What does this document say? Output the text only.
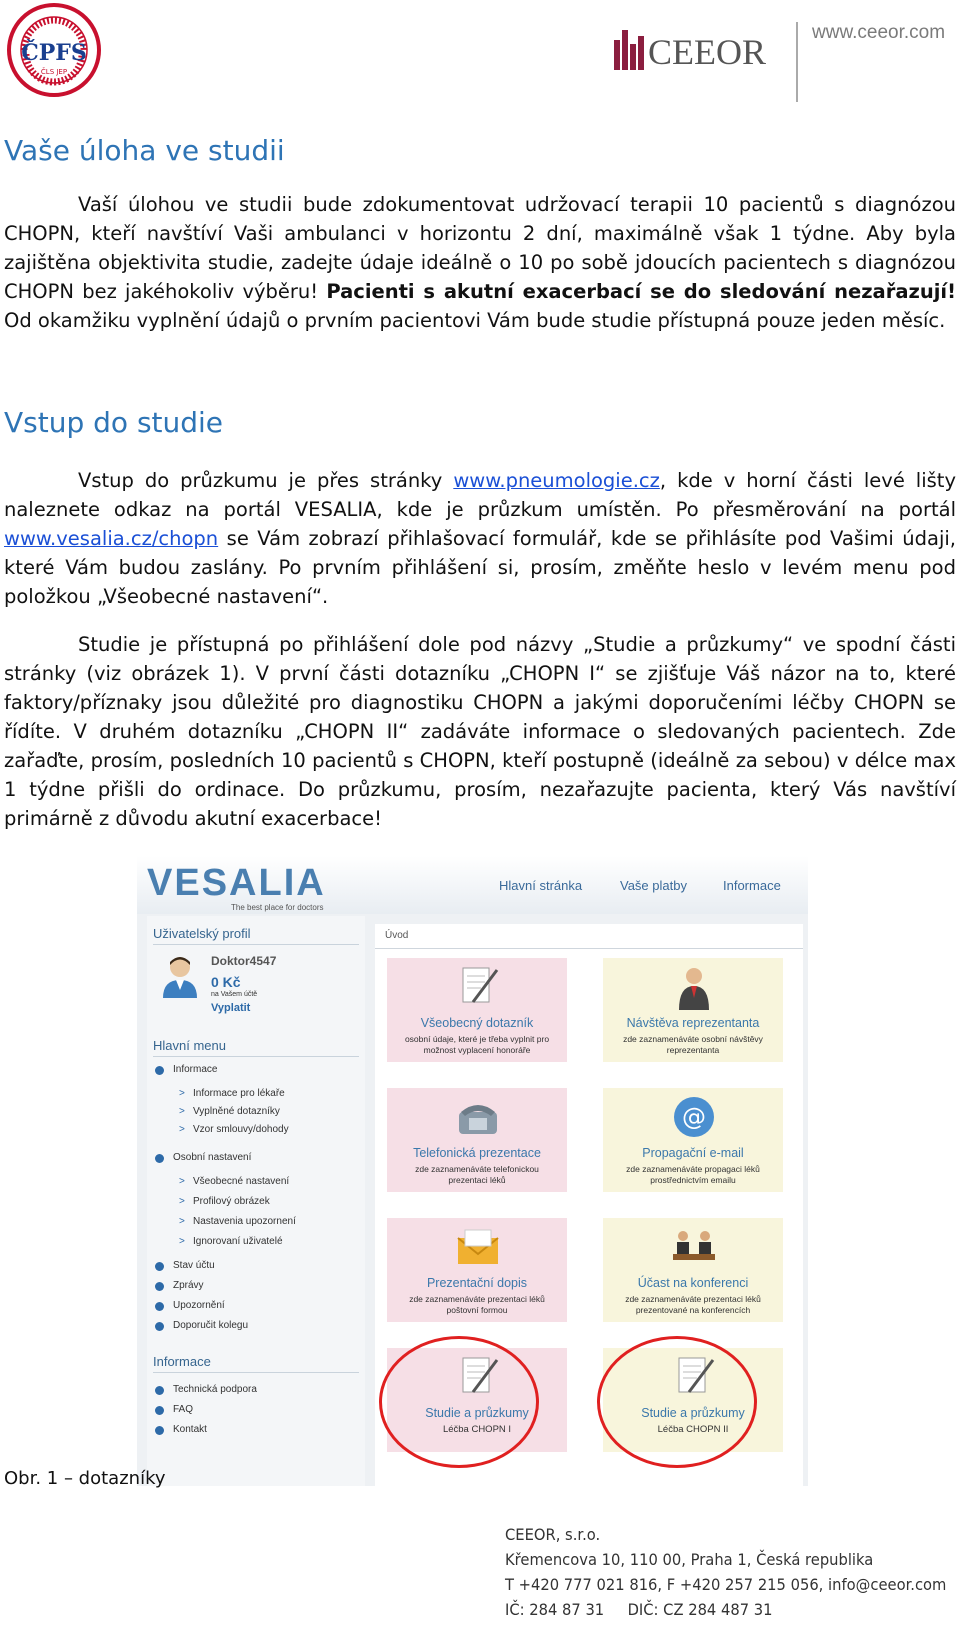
ČPFS
ČLS JEP	CEEOR www.ceeor.com
Vaše úloha ve studii
Vaší úlohou ve studii bude zdokumentovat udržovací terapii 10 pacientů s diagnózou CHOPN, kteří navštíví Vaši ambulanci v horizontu 2 dní, maximálně však 1 týdne. Aby byla zajištěna objektivita studie, zadejte údaje ideálně o 10 po sobě jdoucích pacientech s diagnózou CHOPN bez jakéhokoliv výběru! Pacienti s akutní exacerbací se do sledování nezařazují! Od okamžiku vyplnění údajů o prvním pacientovi Vám bude studie přístupná pouze jeden měsíc.
Vstup do studie
Vstup do průzkumu je přes stránky www.pneumologie.cz, kde v horní části levé lišty naleznete odkaz na portál VESALIA, kde je průzkum umístěn. Po přesměrování na portál www.vesalia.cz/chopn se Vám zobrazí přihlašovací formulář, kde se přihlásíte pod Vašimi údaji, které Vám budou zaslány. Po prvním přihlášení si, prosím, změňte heslo v levém menu pod položkou „Všeobecné nastavení“.
Studie je přístupná po přihlášení dole pod názvy „Studie a průzkumy“ ve spodní části stránky (viz obrázek 1). V první části dotazníku „CHOPN I“ se zjišťuje Váš názor na to, které faktory/příznaky jsou důležité pro diagnostiku CHOPN a jakými doporučeními léčby CHOPN se řídíte. V druhém dotazníku „CHOPN II“ zadáváte informace o sledovaných pacientech. Zde zařaďte, prosím, posledních 10 pacientů s CHOPN, kteří postupně (ideálně za sebou) v délce max 1 týdne přišli do ordinace. Do průzkumu, prosím, nezařazujte pacienta, který Vás navštíví primárně z důvodu akutní exacerbace!
VESALIA
The best place for doctors
Hlavní stránka	Vaše platby	Informace
Uživatelský profil
Doktor4547
0 Kč
na Vašem účtě
Vyplatit
Hlavní menu
Informace
> Informace pro lékaře
> Vyplněné dotazníky
> Vzor smlouvy/dohody
Osobní nastavení
> Všeobecné nastavení
> Profilový obrázek
> Nastavenia upozornení
> Ignorovaní uživatelé
Stav účtu
Zprávy
Upozornění
Doporučit kolegu
Informace
Technická podpora
FAQ
Kontakt
Úvod
Všeobecný dotazník
osobní údaje, které je třeba vyplnit pro možnost vyplacení honoráře
Návštěva reprezentanta
zde zaznamenáváte osobní návštěvy reprezentanta
Telefonická prezentace
zde zaznamenáváte telefonickou prezentaci léků
@
Propagační e-mail
zde zaznamenáváte propagaci léků prostřednictvím emailu
Prezentační dopis
zde zaznamenáváte prezentaci léků poštovní formou
Účast na konferenci
zde zaznamenáváte prezentaci léků prezentované na konferencích
Studie a průzkumy
Léčba CHOPN I
Studie a průzkumy
Léčba CHOPN II
Obr. 1 – dotazníky
CEEOR, s.r.o.
Křemencova 10, 110 00, Praha 1, Česká republika
T +420 777 021 816, F +420 257 215 056, info@ceeor.com
IČ: 284 87 31     DIČ: CZ 284 487 31
